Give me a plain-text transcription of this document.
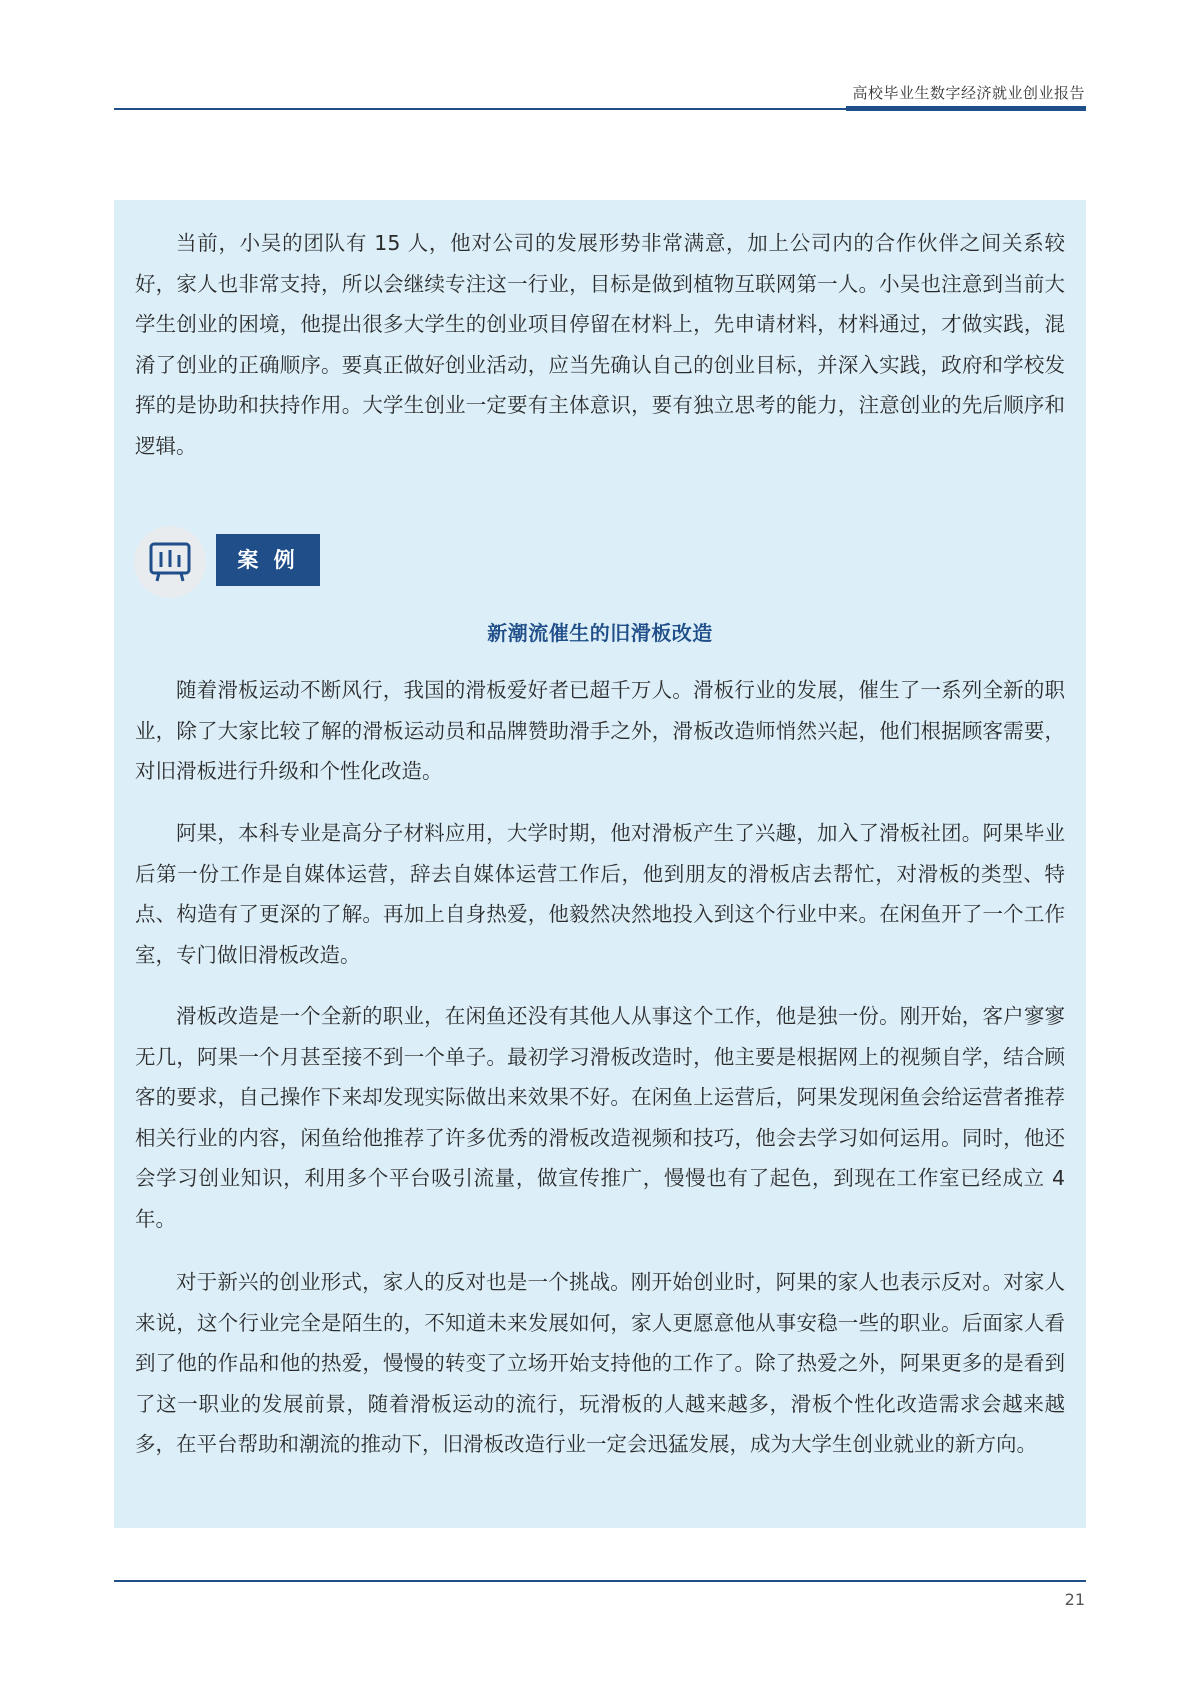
高校毕业生数字经济就业创业报告

当前，小吴的团队有 15 人，他对公司的发展形势非常满意，加上公司内的合作伙伴之间关系较好，家人也非常支持，所以会继续专注这一行业，目标是做到植物互联网第一人。小吴也注意到当前大学生创业的困境，他提出很多大学生的创业项目停留在材料上，先申请材料，材料通过，才做实践，混淆了创业的正确顺序。要真正做好创业活动，应当先确认自己的创业目标，并深入实践，政府和学校发挥的是协助和扶持作用。大学生创业一定要有主体意识，要有独立思考的能力，注意创业的先后顺序和逻辑。

案 例
新潮流催生的旧滑板改造

随着滑板运动不断风行，我国的滑板爱好者已超千万人。滑板行业的发展，催生了一系列全新的职业，除了大家比较了解的滑板运动员和品牌赞助滑手之外，滑板改造师悄然兴起，他们根据顾客需要，对旧滑板进行升级和个性化改造。

阿果，本科专业是高分子材料应用，大学时期，他对滑板产生了兴趣，加入了滑板社团。阿果毕业后第一份工作是自媒体运营，辞去自媒体运营工作后，他到朋友的滑板店去帮忙，对滑板的类型、特点、构造有了更深的了解。再加上自身热爱，他毅然决然地投入到这个行业中来。在闲鱼开了一个工作室，专门做旧滑板改造。

滑板改造是一个全新的职业，在闲鱼还没有其他人从事这个工作，他是独一份。刚开始，客户寥寥无几，阿果一个月甚至接不到一个单子。最初学习滑板改造时，他主要是根据网上的视频自学，结合顾客的要求，自己操作下来却发现实际做出来效果不好。在闲鱼上运营后，阿果发现闲鱼会给运营者推荐相关行业的内容，闲鱼给他推荐了许多优秀的滑板改造视频和技巧，他会去学习如何运用。同时，他还会学习创业知识，利用多个平台吸引流量，做宣传推广，慢慢也有了起色，到现在工作室已经成立 4 年。

对于新兴的创业形式，家人的反对也是一个挑战。刚开始创业时，阿果的家人也表示反对。对家人来说，这个行业完全是陌生的，不知道未来发展如何，家人更愿意他从事安稳一些的职业。后面家人看到了他的作品和他的热爱，慢慢的转变了立场开始支持他的工作了。除了热爱之外，阿果更多的是看到了这一职业的发展前景，随着滑板运动的流行，玩滑板的人越来越多，滑板个性化改造需求会越来越多，在平台帮助和潮流的推动下，旧滑板改造行业一定会迅猛发展，成为大学生创业就业的新方向。

21
